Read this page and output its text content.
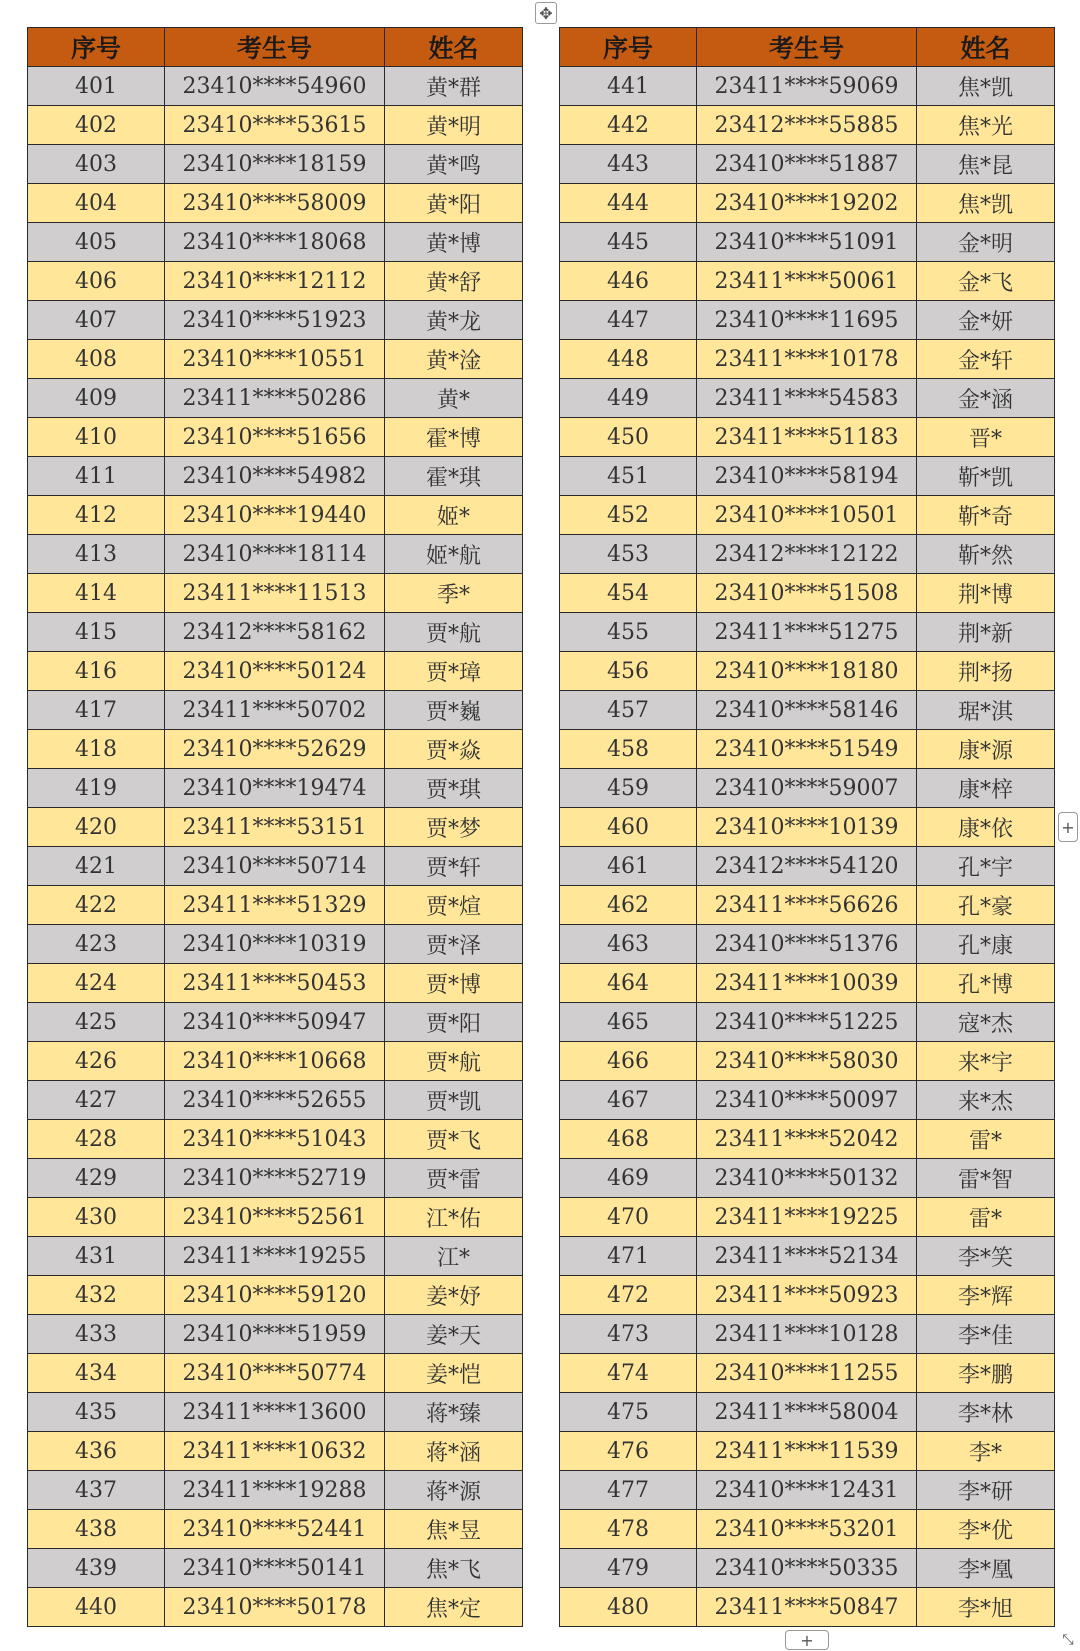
✥
序号	考生号	姓名
401	23410****54960	黄*群
402	23410****53615	黄*明
403	23410****18159	黄*鸣
404	23410****58009	黄*阳
405	23410****18068	黄*博
406	23410****12112	黄*舒
407	23410****51923	黄*龙
408	23410****10551	黄*淦
409	23411****50286	黄*
410	23410****51656	霍*博
411	23410****54982	霍*琪
412	23410****19440	姬*
413	23410****18114	姬*航
414	23411****11513	季*
415	23412****58162	贾*航
416	23410****50124	贾*璋
417	23411****50702	贾*巍
418	23410****52629	贾*焱
419	23410****19474	贾*琪
420	23411****53151	贾*梦
421	23410****50714	贾*轩
422	23411****51329	贾*煊
423	23410****10319	贾*泽
424	23411****50453	贾*博
425	23410****50947	贾*阳
426	23410****10668	贾*航
427	23410****52655	贾*凯
428	23410****51043	贾*飞
429	23410****52719	贾*雷
430	23410****52561	江*佑
431	23411****19255	江*
432	23410****59120	姜*妤
433	23410****51959	姜*天
434	23410****50774	姜*恺
435	23411****13600	蒋*臻
436	23411****10632	蒋*涵
437	23411****19288	蒋*源
438	23410****52441	焦*昱
439	23410****50141	焦*飞
440	23410****50178	焦*定
序号	考生号	姓名
441	23411****59069	焦*凯
442	23412****55885	焦*光
443	23410****51887	焦*昆
444	23410****19202	焦*凯
445	23410****51091	金*明
446	23411****50061	金*飞
447	23410****11695	金*妍
448	23411****10178	金*轩
449	23411****54583	金*涵
450	23411****51183	晋*
451	23410****58194	靳*凯
452	23410****10501	靳*奇
453	23412****12122	靳*然
454	23410****51508	荆*博
455	23411****51275	荆*新
456	23410****18180	荆*扬
457	23410****58146	琚*淇
458	23410****51549	康*源
459	23410****59007	康*梓
460	23410****10139	康*依
461	23412****54120	孔*宇
462	23411****56626	孔*豪
463	23410****51376	孔*康
464	23411****10039	孔*博
465	23410****51225	寇*杰
466	23410****58030	来*宇
467	23410****50097	来*杰
468	23411****52042	雷*
469	23410****50132	雷*智
470	23411****19225	雷*
471	23411****52134	李*笑
472	23411****50923	李*辉
473	23411****10128	李*佳
474	23410****11255	李*鹏
475	23411****58004	李*林
476	23411****11539	李*
477	23410****12431	李*研
478	23410****53201	李*优
479	23410****50335	李*凰
480	23411****50847	李*旭
+
+	⤡
